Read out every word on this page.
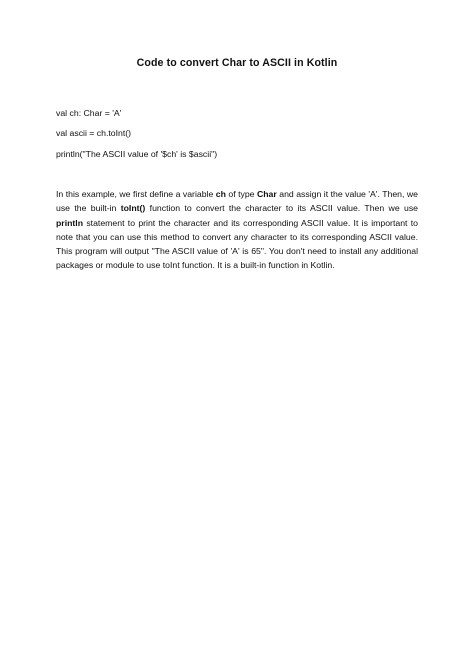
Code to convert Char to ASCII in Kotlin
val ch: Char = 'A'
val ascii = ch.toInt()
println("The ASCII value of '$ch' is $ascii")
In this example, we first define a variable ch of type Char and assign it the value 'A'. Then, we use the built-in toInt() function to convert the character to its ASCII value. Then we use println statement to print the character and its corresponding ASCII value. It is important to note that you can use this method to convert any character to its corresponding ASCII value. This program will output "The ASCII value of 'A' is 65". You don't need to install any additional packages or module to use toInt function. It is a built-in function in Kotlin.
